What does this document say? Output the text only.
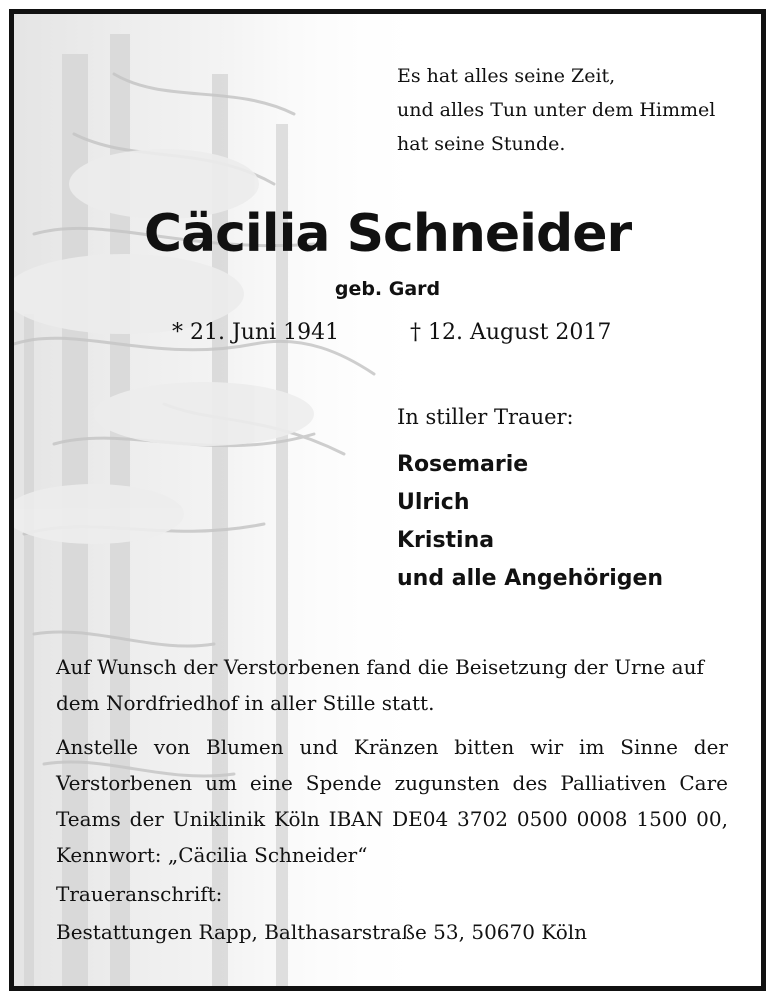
Es hat alles seine Zeit,
und alles Tun unter dem Himmel
hat seine Stunde.
Cäcilia Schneider
geb. Gard
* 21. Juni 1941	† 12. August 2017
In stiller Trauer:
Rosemarie
Ulrich
Kristina
und alle Angehörigen
Auf Wunsch der Verstorbenen fand die Beisetzung der Urne auf dem Nordfriedhof in aller Stille statt.
Anstelle von Blumen und Kränzen bitten wir im Sinne der Verstorbenen um eine Spende zugunsten des Palliativen Care Teams der Uniklinik Köln IBAN DE04 3702 0500 0008 1500 00, Kennwort: „Cäcilia Schneider“
Traueranschrift:
Bestattungen Rapp, Balthasarstraße 53, 50670 Köln
